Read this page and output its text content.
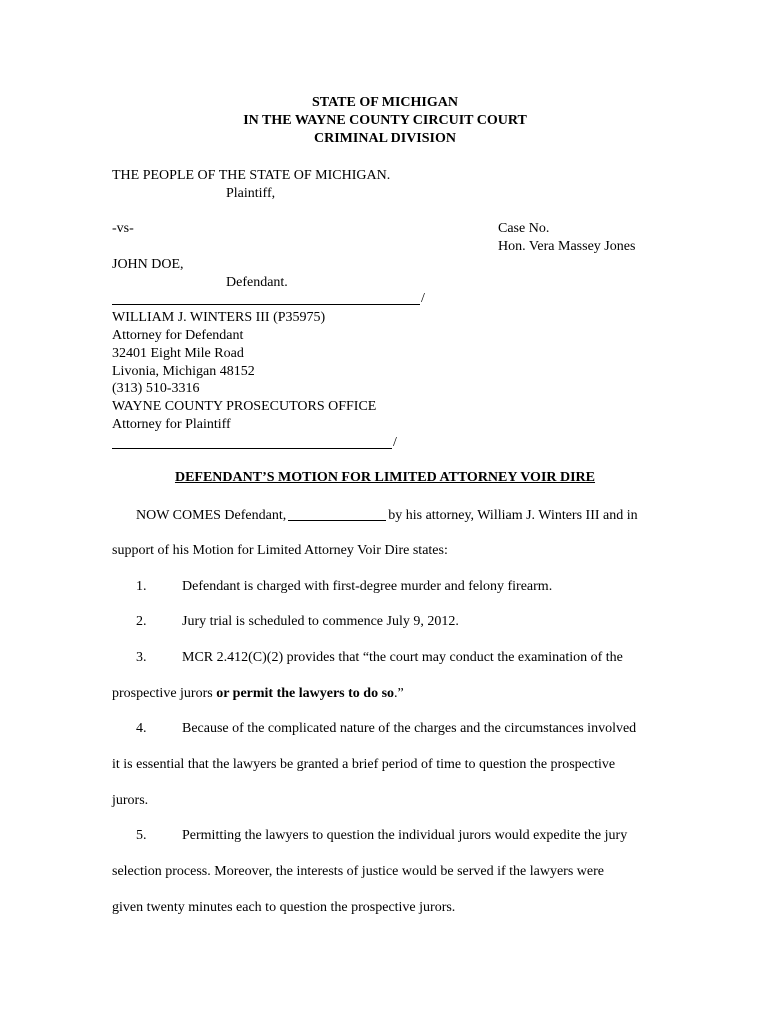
STATE OF MICHIGAN
IN THE WAYNE COUNTY CIRCUIT COURT
CRIMINAL DIVISION
THE PEOPLE OF THE STATE OF MICHIGAN.
Plaintiff,
-vs-	Case No.
Hon. Vera Massey Jones
JOHN DOE,
Defendant.
/
WILLIAM J. WINTERS III (P35975)
Attorney for Defendant
32401 Eight Mile Road
Livonia, Michigan 48152
(313) 510-3316
WAYNE COUNTY PROSECUTORS OFFICE
Attorney for Plaintiff
/
DEFENDANT’S MOTION FOR LIMITED ATTORNEY VOIR DIRE
NOW COMES Defendant,	by his attorney, William J. Winters III and in
support of his Motion for Limited Attorney Voir Dire states:
1.	Defendant is charged with first-degree murder and felony firearm.
2.	Jury trial is scheduled to commence July 9, 2012.
3.	MCR 2.412(C)(2) provides that “the court may conduct the examination of the
prospective jurors or permit the lawyers to do so.”
4.	Because of the complicated nature of the charges and the circumstances involved
it is essential that the lawyers be granted a brief period of time to question the prospective
jurors.
5.	Permitting the lawyers to question the individual jurors would expedite the jury
selection process. Moreover, the interests of justice would be served if the lawyers were
given twenty minutes each to question the prospective jurors.
